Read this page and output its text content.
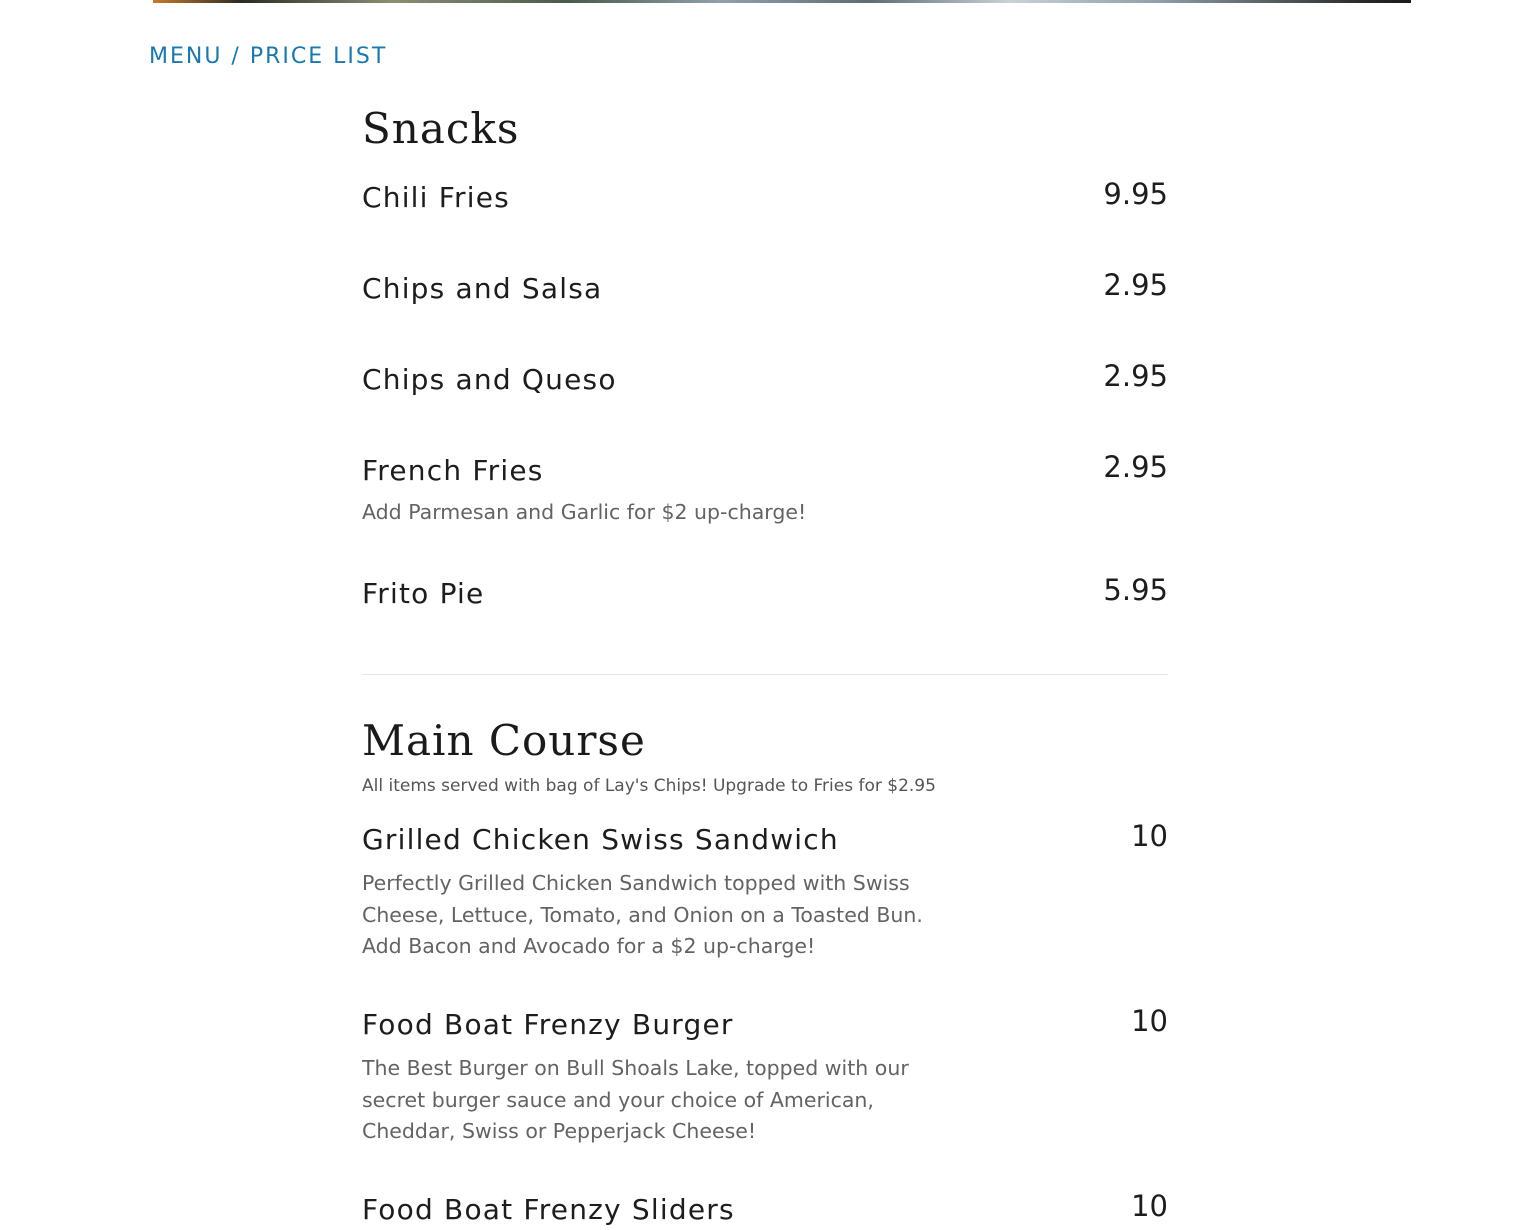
MENU / PRICE LIST
Snacks
Chili Fries	9.95
Chips and Salsa	2.95
Chips and Queso	2.95
French Fries	2.95
Add Parmesan and Garlic for $2 up-charge!
Frito Pie	5.95
Main Course
All items served with bag of Lay's Chips! Upgrade to Fries for $2.95
Grilled Chicken Swiss Sandwich	10
Perfectly Grilled Chicken Sandwich topped with Swiss Cheese, Lettuce, Tomato, and Onion on a Toasted Bun. Add Bacon and Avocado for a $2 up-charge!
Food Boat Frenzy Burger	10
The Best Burger on Bull Shoals Lake, topped with our secret burger sauce and your choice of American, Cheddar, Swiss or Pepperjack Cheese!
Food Boat Frenzy Sliders	10
